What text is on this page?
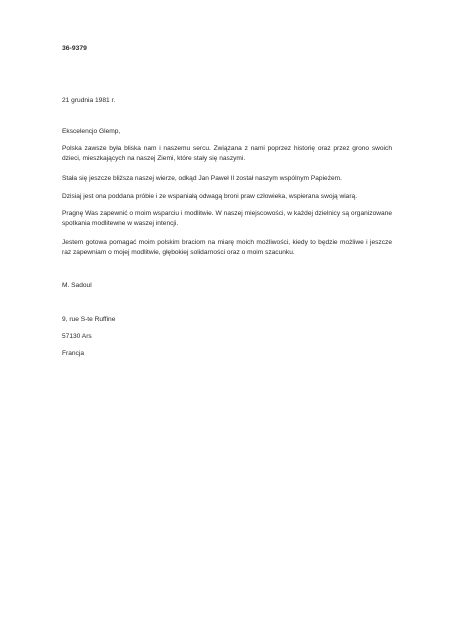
36-9379
21 grudnia 1981 r.
Ekscelencjo Glemp,
Polska zawsze była bliska nam i naszemu sercu. Związana z nami poprzez historię oraz przez grono swoich dzieci, mieszkających na naszej Ziemi, które stały się naszymi.
Stała się jeszcze bliższa naszej wierze, odkąd Jan Paweł II został naszym wspólnym Papieżem.
Dzisiaj jest ona poddana próbie i ze wspaniałą odwagą broni praw człowieka, wspierana swoją wiarą.
Pragnę Was zapewnić o moim wsparciu i modlitwie. W naszej miejscowości, w każdej dzielnicy są organizowane spotkania modlitewne w waszej intencji.
Jestem gotowa pomagać moim polskim braciom na miarę moich możliwości, kiedy to będzie możliwe i jeszcze raz zapewniam o mojej modlitwie, głębokiej solidarności oraz o moim szacunku.
M. Sadoul
9, rue S-te Ruffine
57130 Ars
Francja
